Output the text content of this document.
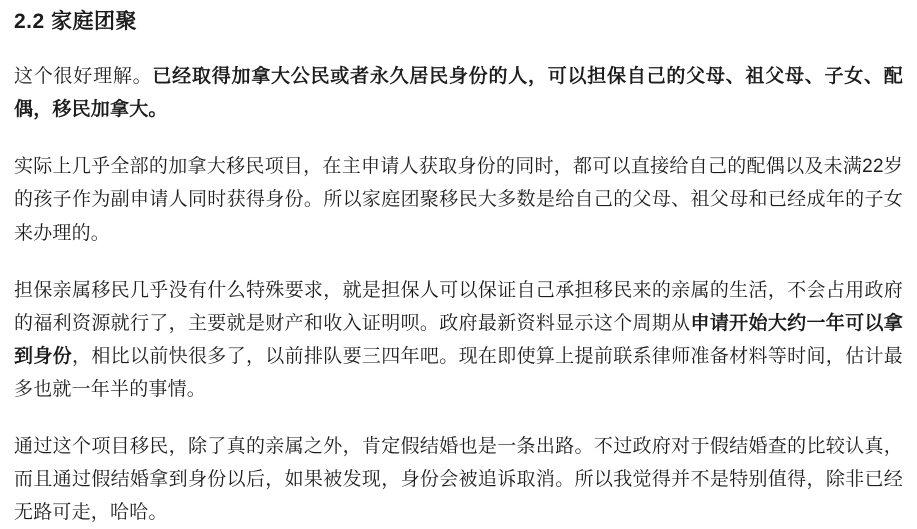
2.2 家庭团聚

这个很好理解。已经取得加拿大公民或者永久居民身份的人，可以担保自己的父母、祖父母、子女、配偶，移民加拿大。

实际上几乎全部的加拿大移民项目，在主申请人获取身份的同时，都可以直接给自己的配偶以及未满22岁的孩子作为副申请人同时获得身份。所以家庭团聚移民大多数是给自己的父母、祖父母和已经成年的子女来办理的。

担保亲属移民几乎没有什么特殊要求，就是担保人可以保证自己承担移民来的亲属的生活，不会占用政府的福利资源就行了，主要就是财产和收入证明呗。政府最新资料显示这个周期从申请开始大约一年可以拿到身份，相比以前快很多了，以前排队要三四年吧。现在即使算上提前联系律师准备材料等时间，估计最多也就一年半的事情。

通过这个项目移民，除了真的亲属之外，肯定假结婚也是一条出路。不过政府对于假结婚查的比较认真，而且通过假结婚拿到身份以后，如果被发现，身份会被追诉取消。所以我觉得并不是特别值得，除非已经无路可走，哈哈。
